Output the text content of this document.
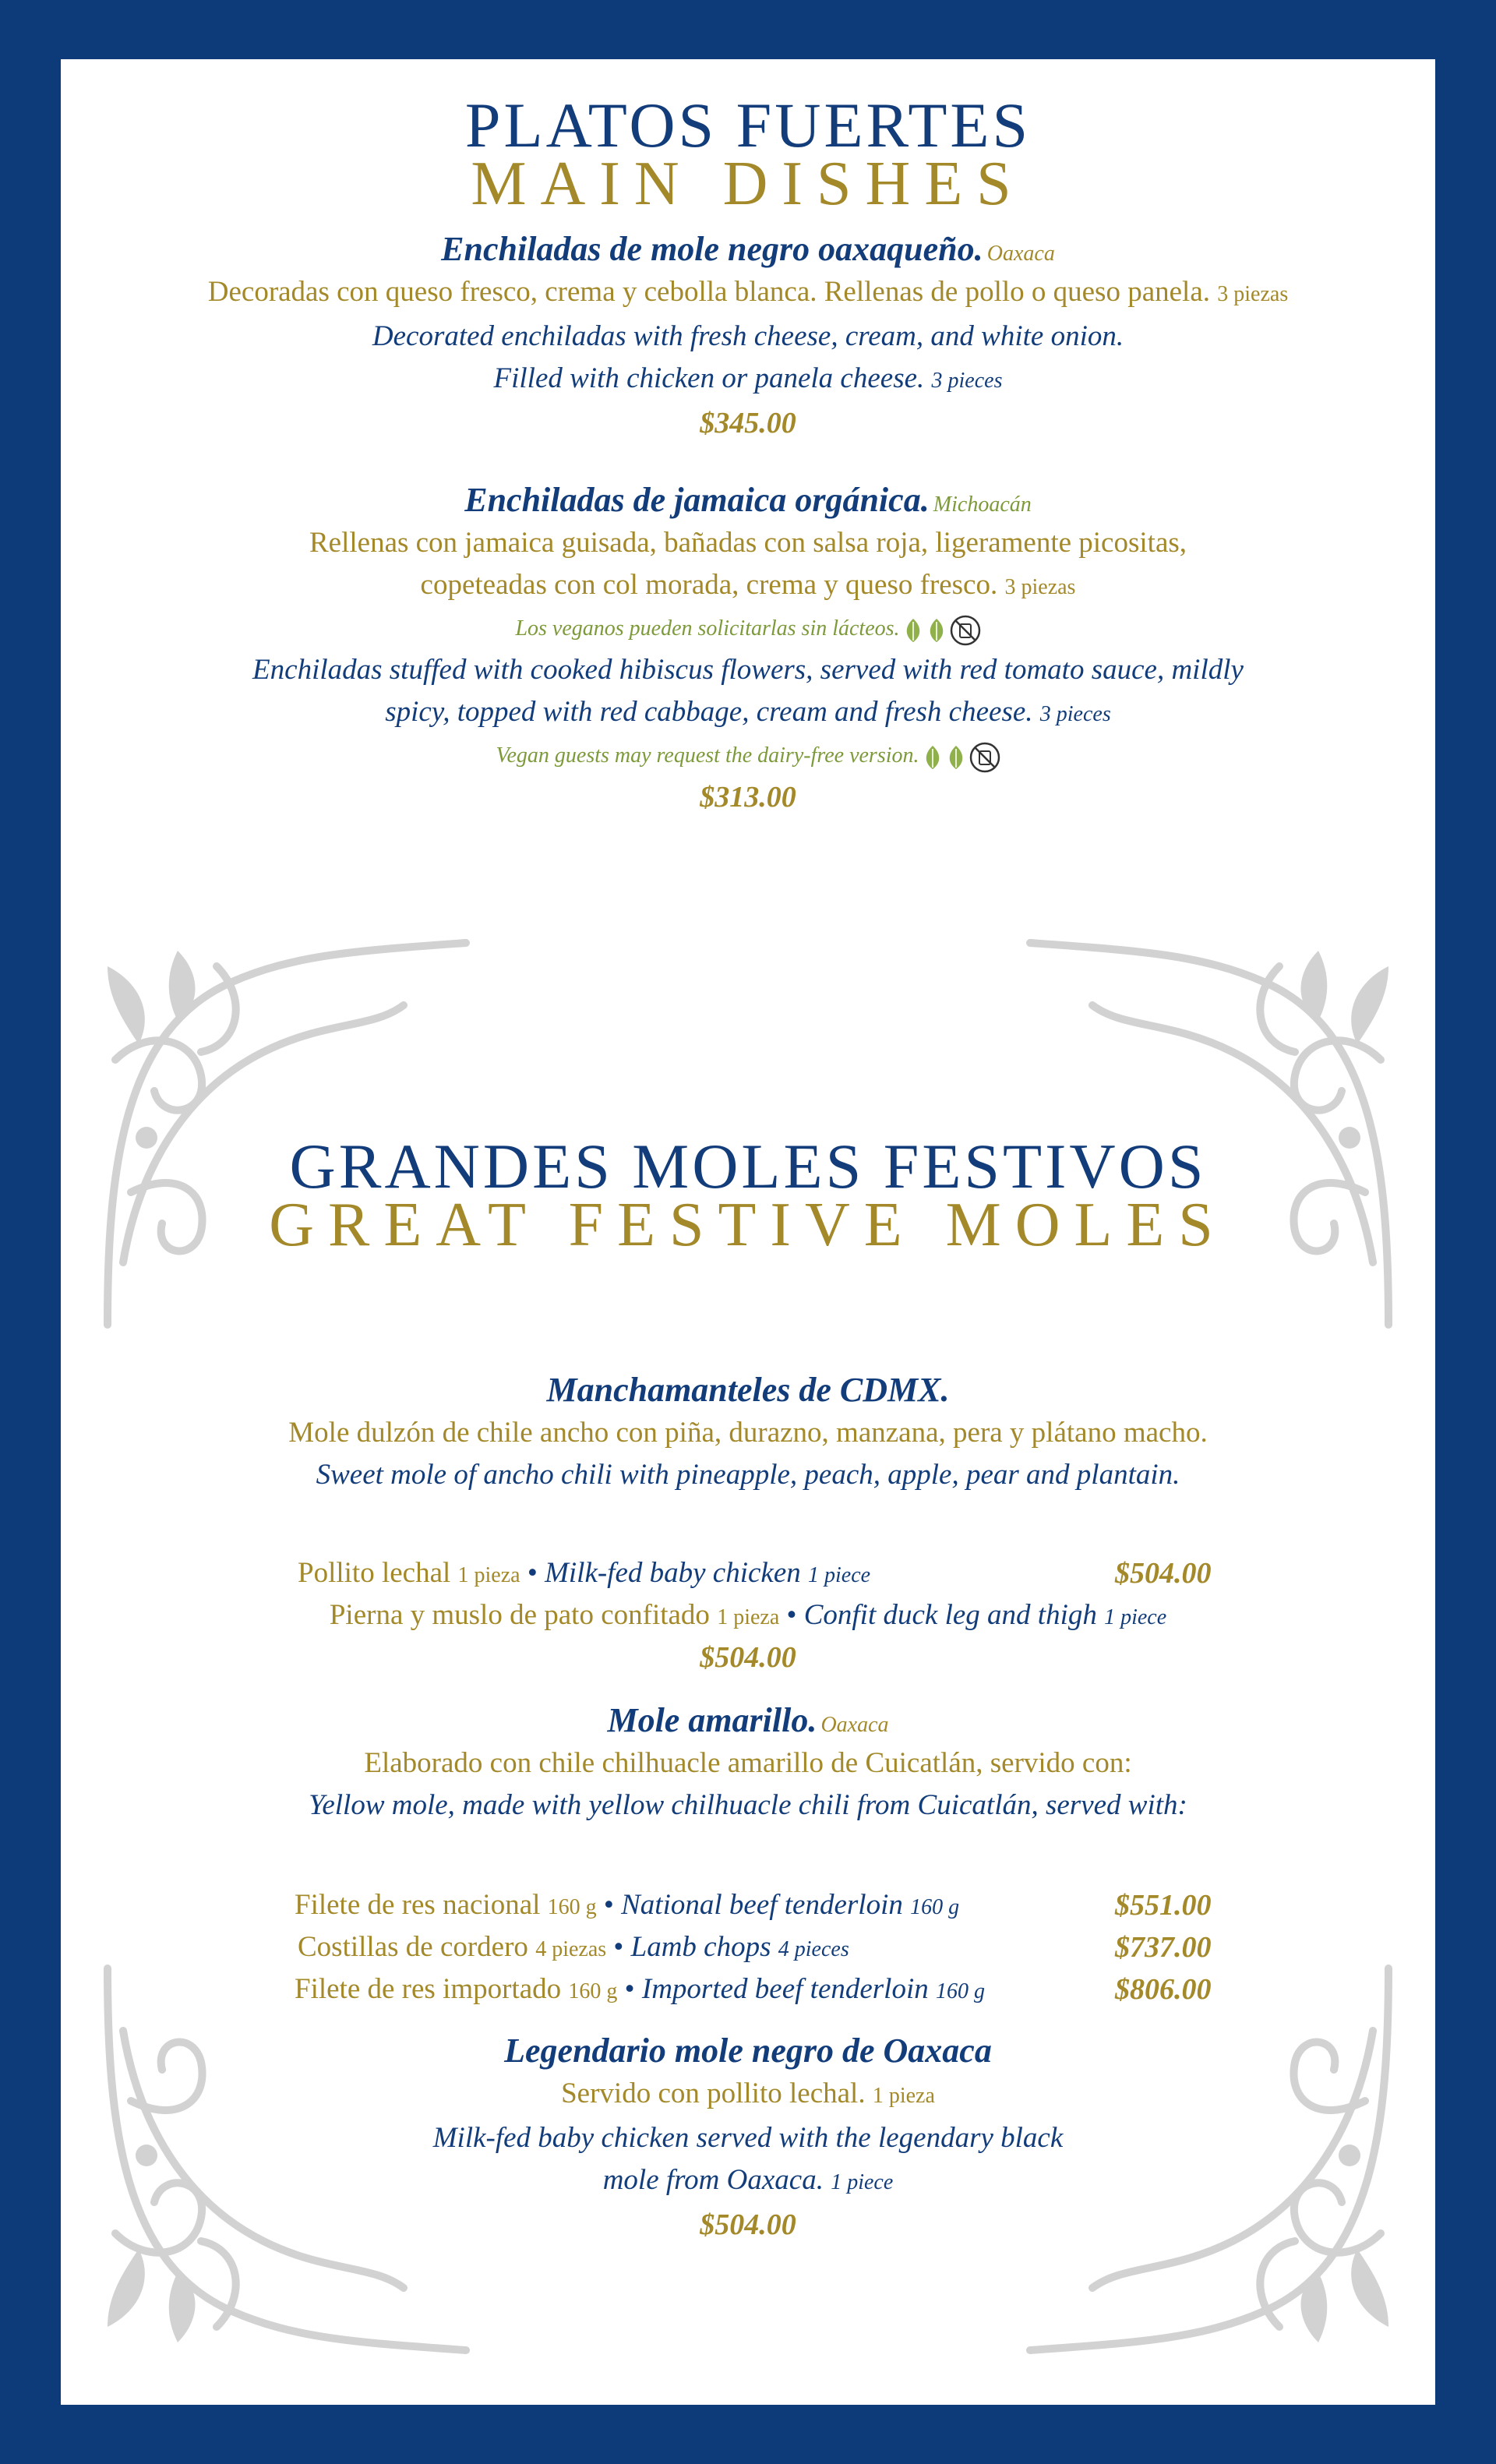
PLATOS FUERTES
MAIN DISHES
Enchiladas de mole negro oaxaqueño. Oaxaca
Decoradas con queso fresco, crema y cebolla blanca. Rellenas de pollo o queso panela. 3 piezas
Decorated enchiladas with fresh cheese, cream, and white onion.
Filled with chicken or panela cheese. 3 pieces
$345.00
Enchiladas de jamaica orgánica. Michoacán
Rellenas con jamaica guisada, bañadas con salsa roja, ligeramente picositas,
copeteadas con col morada, crema y queso fresco. 3 piezas
Los veganos pueden solicitarlas sin lácteos.
Enchiladas stuffed with cooked hibiscus flowers, served with red tomato sauce, mildly
spicy, topped with red cabbage, cream and fresh cheese. 3 pieces
Vegan guests may request the dairy-free version.
$313.00
GRANDES MOLES FESTIVOS
GREAT FESTIVE MOLES
Manchamanteles de CDMX.
Mole dulzón de chile ancho con piña, durazno, manzana, pera y plátano macho.
Sweet mole of ancho chili with pineapple, peach, apple, pear and plantain.
Pollito lechal 1 pieza • Milk-fed baby chicken 1 piece	$504.00
Pierna y muslo de pato confitado 1 pieza • Confit duck leg and thigh 1 piece
$504.00
Mole amarillo. Oaxaca
Elaborado con chile chilhuacle amarillo de Cuicatlán, servido con:
Yellow mole, made with yellow chilhuacle chili from Cuicatlán, served with:
Filete de res nacional 160 g • National beef tenderloin 160 g	$551.00
Costillas de cordero 4 piezas • Lamb chops 4 pieces	$737.00
Filete de res importado 160 g • Imported beef tenderloin 160 g	$806.00
Legendario mole negro de Oaxaca
Servido con pollito lechal. 1 pieza
Milk-fed baby chicken served with the legendary black
mole from Oaxaca. 1 piece
$504.00
